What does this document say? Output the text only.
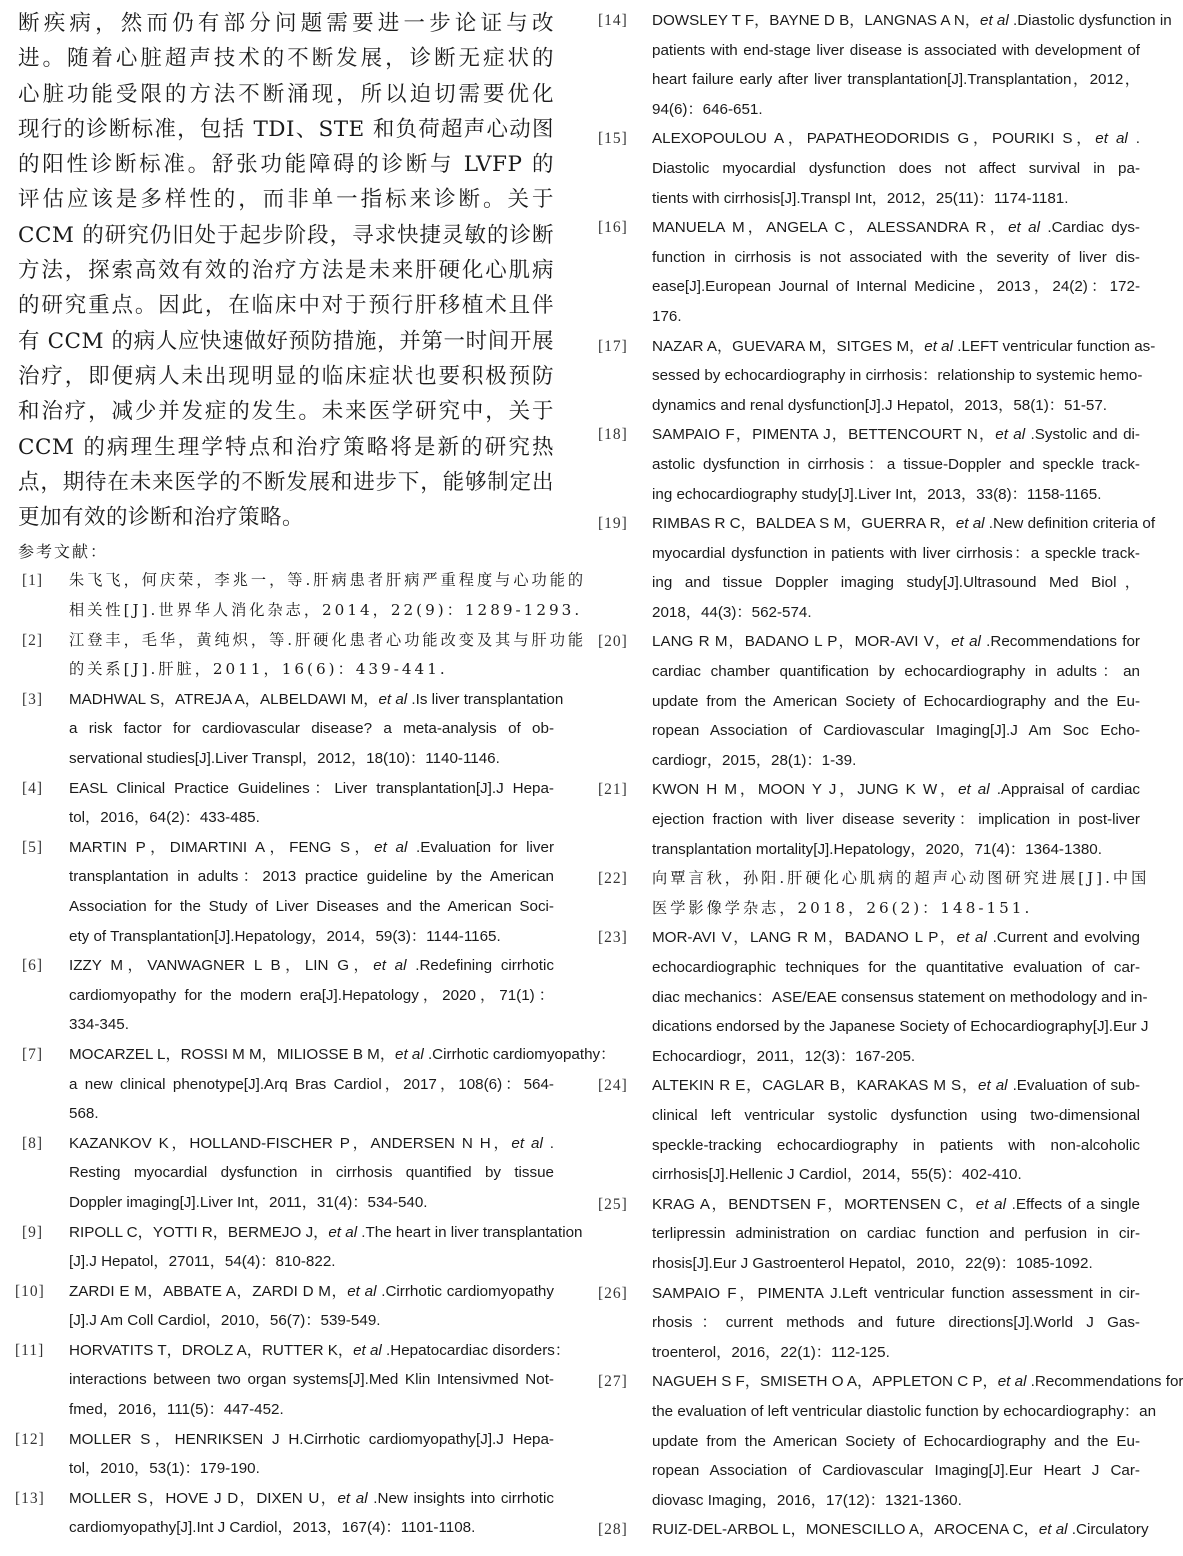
断疾病，然而仍有部分问题需要进一步论证与改
进。随着心脏超声技术的不断发展，诊断无症状的
心脏功能受限的方法不断涌现，所以迫切需要优化
现行的诊断标准，包括 TDI、STE 和负荷超声心动图
的阳性诊断标准。舒张功能障碍的诊断与 LVFP 的
评估应该是多样性的，而非单一指标来诊断。关于
CCM 的研究仍旧处于起步阶段，寻求快捷灵敏的诊断
方法，探索高效有效的治疗方法是未来肝硬化心肌病
的研究重点。因此，在临床中对于预行肝移植术且伴
有 CCM 的病人应快速做好预防措施，并第一时间开展
治疗，即便病人未出现明显的临床症状也要积极预防
和治疗，减少并发症的发生。未来医学研究中，关于
CCM 的病理生理学特点和治疗策略将是新的研究热
点，期待在未来医学的不断发展和进步下，能够制定出
更加有效的诊断和治疗策略。
参考文献：
[1] 朱飞飞，何庆荣，李兆一，等.肝病患者肝病严重程度与心功能的
相关性[J].世界华人消化杂志，2014，22(9)：1289-1293.
[2] 江登丰，毛华，黄纯炽，等.肝硬化患者心功能改变及其与肝功能
的关系[J].肝脏，2011，16(6)：439-441.
[3] MADHWAL S，ATREJA A，ALBELDAWI M，et al .Is liver transplantation
a risk factor for cardiovascular disease? a meta-analysis of ob-
servational studies[J].Liver Transpl，2012，18(10)：1140-1146.
[4] EASL Clinical Practice Guidelines：Liver transplantation[J].J Hepa-
tol，2016，64(2)：433-485.
[5] MARTIN P，DIMARTINI A，FENG S，et al .Evaluation for liver
transplantation in adults：2013 practice guideline by the American
Association for the Study of Liver Diseases and the American Soci-
ety of Transplantation[J].Hepatology，2014，59(3)：1144-1165.
[6] IZZY M，VANWAGNER L B，LIN G，et al .Redefining cirrhotic
cardiomyopathy for the modern era[J].Hepatology，2020，71(1)：
334-345.
[7] MOCARZEL L，ROSSI M M，MILIOSSE B M，et al .Cirrhotic cardiomyopathy：
a new clinical phenotype[J].Arq Bras Cardiol，2017，108(6)：564-
568.
[8] KAZANKOV K，HOLLAND-FISCHER P，ANDERSEN N H，et al .
Resting myocardial dysfunction in cirrhosis quantified by tissue
Doppler imaging[J].Liver Int，2011，31(4)：534-540.
[9] RIPOLL C，YOTTI R，BERMEJO J，et al .The heart in liver transplantation
[J].J Hepatol，27011，54(4)：810-822.
[10] ZARDI E M，ABBATE A，ZARDI D M，et al .Cirrhotic cardiomyopathy
[J].J Am Coll Cardiol，2010，56(7)：539-549.
[11] HORVATITS T，DROLZ A，RUTTER K，et al .Hepatocardiac disorders：
interactions between two organ systems[J].Med Klin Intensivmed Not-
fmed，2016，111(5)：447-452.
[12] MOLLER S，HENRIKSEN J H.Cirrhotic cardiomyopathy[J].J Hepa-
tol，2010，53(1)：179-190.
[13] MOLLER S，HOVE J D，DIXEN U，et al .New insights into cirrhotic
cardiomyopathy[J].Int J Cardiol，2013，167(4)：1101-1108.
[14] DOWSLEY T F，BAYNE D B，LANGNAS A N，et al .Diastolic dysfunction in
patients with end-stage liver disease is associated with development of
heart failure early after liver transplantation[J].Transplantation，2012，
94(6)：646-651.
[15] ALEXOPOULOU A，PAPATHEODORIDIS G，POURIKI S，et al .
Diastolic myocardial dysfunction does not affect survival in pa-
tients with cirrhosis[J].Transpl Int，2012，25(11)：1174-1181.
[16] MANUELA M，ANGELA C，ALESSANDRA R，et al .Cardiac dys-
function in cirrhosis is not associated with the severity of liver dis-
ease[J].European Journal of Internal Medicine，2013，24(2)：172-
176.
[17] NAZAR A，GUEVARA M，SITGES M，et al .LEFT ventricular function as-
sessed by echocardiography in cirrhosis：relationship to systemic hemo-
dynamics and renal dysfunction[J].J Hepatol，2013，58(1)：51-57.
[18] SAMPAIO F，PIMENTA J，BETTENCOURT N，et al .Systolic and di-
astolic dysfunction in cirrhosis：a tissue-Doppler and speckle track-
ing echocardiography study[J].Liver Int，2013，33(8)：1158-1165.
[19] RIMBAS R C，BALDEA S M，GUERRA R，et al .New definition criteria of
myocardial dysfunction in patients with liver cirrhosis：a speckle track-
ing and tissue Doppler imaging study[J].Ultrasound Med Biol，
2018，44(3)：562-574.
[20] LANG R M，BADANO L P，MOR-AVI V，et al .Recommendations for
cardiac chamber quantification by echocardiography in adults：an
update from the American Society of Echocardiography and the Eu-
ropean Association of Cardiovascular Imaging[J].J Am Soc Echo-
cardiogr，2015，28(1)：1-39.
[21] KWON H M，MOON Y J，JUNG K W，et al .Appraisal of cardiac
ejection fraction with liver disease severity：implication in post-liver
transplantation mortality[J].Hepatology，2020，71(4)：1364-1380.
[22] 向覃言秋，孙阳.肝硬化心肌病的超声心动图研究进展[J].中国
医学影像学杂志，2018，26(2)：148-151.
[23] MOR-AVI V，LANG R M，BADANO L P，et al .Current and evolving
echocardiographic techniques for the quantitative evaluation of car-
diac mechanics：ASE/EAE consensus statement on methodology and in-
dications endorsed by the Japanese Society of Echocardiography[J].Eur J
Echocardiogr，2011，12(3)：167-205.
[24] ALTEKIN R E，CAGLAR B，KARAKAS M S，et al .Evaluation of sub-
clinical left ventricular systolic dysfunction using two-dimensional
speckle-tracking echocardiography in patients with non-alcoholic
cirrhosis[J].Hellenic J Cardiol，2014，55(5)：402-410.
[25] KRAG A，BENDTSEN F，MORTENSEN C，et al .Effects of a single
terlipressin administration on cardiac function and perfusion in cir-
rhosis[J].Eur J Gastroenterol Hepatol，2010，22(9)：1085-1092.
[26] SAMPAIO F，PIMENTA J.Left ventricular function assessment in cir-
rhosis：current methods and future directions[J].World J Gas-
troenterol，2016，22(1)：112-125.
[27] NAGUEH S F，SMISETH O A，APPLETON C P，et al .Recommendations for
the evaluation of left ventricular diastolic function by echocardiography：an
update from the American Society of Echocardiography and the Eu-
ropean Association of Cardiovascular Imaging[J].Eur Heart J Car-
diovasc Imaging，2016，17(12)：1321-1360.
[28] RUIZ-DEL-ARBOL L，MONESCILLO A，AROCENA C，et al .Circulatory
